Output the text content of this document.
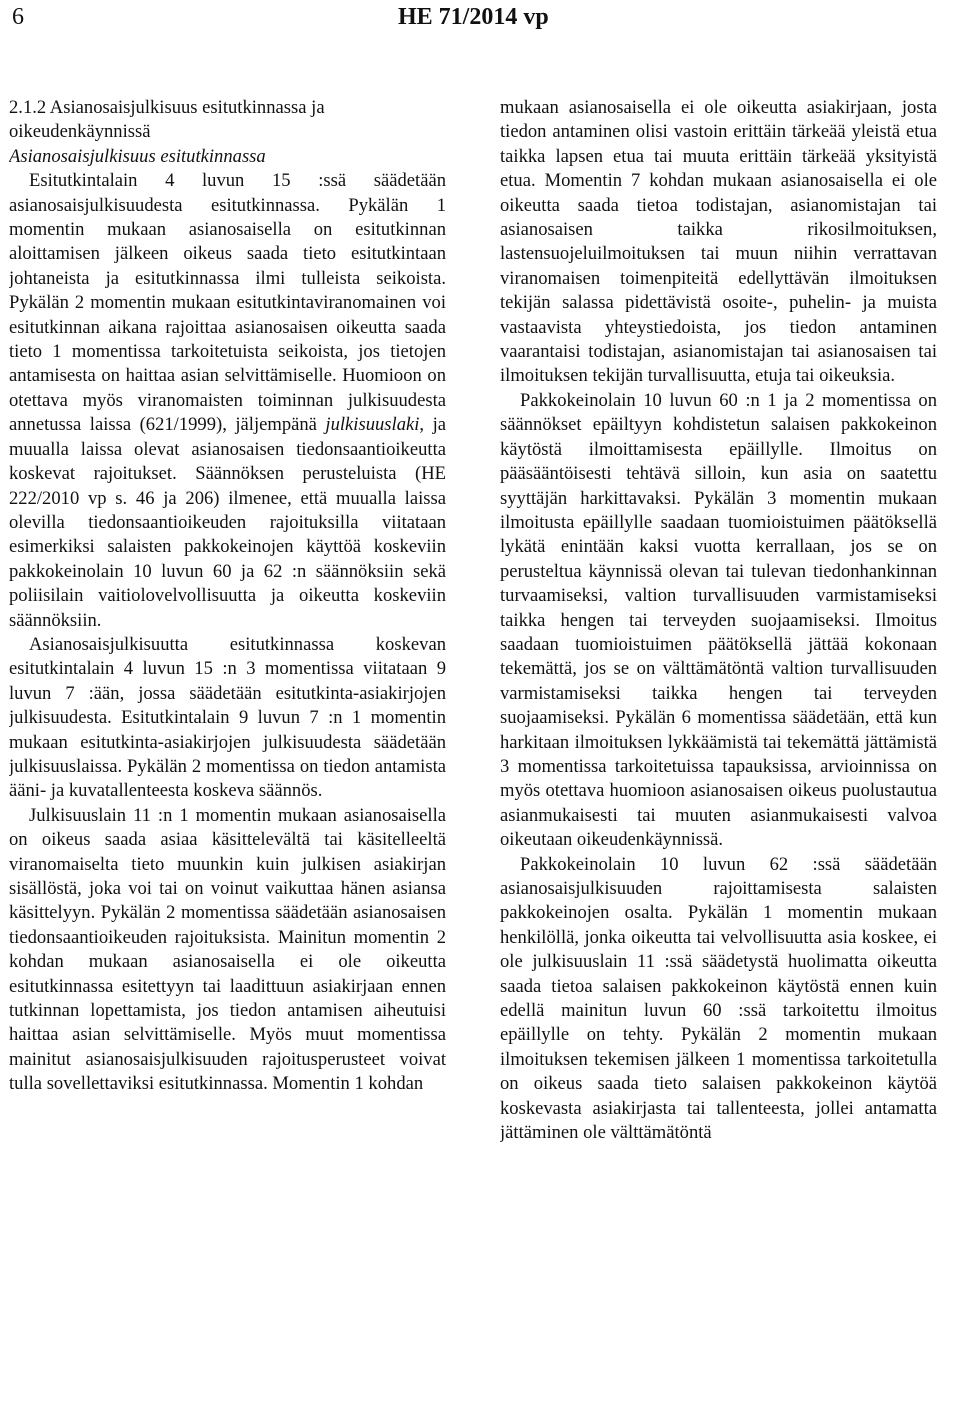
6	HE 71/2014 vp
2.1.2 Asianosaisjulkisuus esitutkinnassa ja oikeudenkäynnissä

Asianosaisjulkisuus esitutkinnassa

Esitutkintalain 4 luvun 15 :ssä säädetään asianosaisjulkisuudesta esitutkinnassa. Pykälän 1 momentin mukaan asianosaisella on esitutkinnan aloittamisen jälkeen oikeus saada tieto esitutkintaan johtaneista ja esitutkinnassa ilmi tulleista seikoista. Pykälän 2 momentin mukaan esitutkintaviranomainen voi esitutkinnan aikana rajoittaa asianosaisen oikeutta saada tieto 1 momentissa tarkoitetuista seikoista, jos tietojen antamisesta on haittaa asian selvittämiselle. Huomioon on otettava myös viranomaisten toiminnan julkisuudesta annetussa laissa (621/1999), jäljempänä julkisuuslaki, ja muualla laissa olevat asianosaisen tiedonsaantioikeutta koskevat rajoitukset. Säännöksen perusteluista (HE 222/2010 vp s. 46 ja 206) ilmenee, että muualla laissa olevilla tiedonsaantioikeuden rajoituksilla viitataan esimerkiksi salaisten pakkokeinojen käyttöä koskeviin pakkokeinolain 10 luvun 60 ja 62 :n säännöksiin sekä poliisilain vaitiolovelvollisuutta ja oikeutta koskeviin säännöksiin.

Asianosaisjulkisuutta esitutkinnassa koskevan esitutkintalain 4 luvun 15 :n 3 momentissa viitataan 9 luvun 7 :ään, jossa säädetään esitutkinta-asiakirjojen julkisuudesta. Esitutkintalain 9 luvun 7 :n 1 momentin mukaan esitutkinta-asiakirjojen julkisuudesta säädetään julkisuuslaissa. Pykälän 2 momentissa on tiedon antamista ääni- ja kuvatallenteesta koskeva säännös.

Julkisuuslain 11 :n 1 momentin mukaan asianosaisella on oikeus saada asiaa käsittelevältä tai käsitelleeltä viranomaiselta tieto muunkin kuin julkisen asiakirjan sisällöstä, joka voi tai on voinut vaikuttaa hänen asiansa käsittelyyn. Pykälän 2 momentissa säädetään asianosaisen tiedonsaantioikeuden rajoituksista. Mainitun momentin 2 kohdan mukaan asianosaisella ei ole oikeutta esitutkinnassa esitettyyn tai laadittuun asiakirjaan ennen tutkinnan lopettamista, jos tiedon antamisen aiheutuisi haittaa asian selvittämiselle. Myös muut momentissa mainitut asianosaisjulkisuuden rajoitusperusteet voivat tulla sovellettaviksi esitutkinnassa. Momentin 1 kohdan

mukaan asianosaisella ei ole oikeutta asiakirjaan, josta tiedon antaminen olisi vastoin erittäin tärkeää yleistä etua taikka lapsen etua tai muuta erittäin tärkeää yksityistä etua. Momentin 7 kohdan mukaan asianosaisella ei ole oikeutta saada tietoa todistajan, asianomistajan tai asianosaisen taikka rikosilmoituksen, lastensuojeluilmoituksen tai muun niihin verrattavan viranomaisen toimenpiteitä edellyttävän ilmoituksen tekijän salassa pidettävistä osoite-, puhelin- ja muista vastaavista yhteystiedoista, jos tiedon antaminen vaarantaisi todistajan, asianomistajan tai asianosaisen tai ilmoituksen tekijän turvallisuutta, etuja tai oikeuksia.

Pakkokeinolain 10 luvun 60 :n 1 ja 2 momentissa on säännökset epäiltyyn kohdistetun salaisen pakkokeinon käytöstä ilmoittamisesta epäillylle. Ilmoitus on pääsääntöisesti tehtävä silloin, kun asia on saatettu syyttäjän harkittavaksi. Pykälän 3 momentin mukaan ilmoitusta epäillylle saadaan tuomioistuimen päätöksellä lykätä enintään kaksi vuotta kerrallaan, jos se on perusteltua käynnissä olevan tai tulevan tiedonhankinnan turvaamiseksi, valtion turvallisuuden varmistamiseksi taikka hengen tai terveyden suojaamiseksi. Ilmoitus saadaan tuomioistuimen päätöksellä jättää kokonaan tekemättä, jos se on välttämätöntä valtion turvallisuuden varmistamiseksi taikka hengen tai terveyden suojaamiseksi. Pykälän 6 momentissa säädetään, että kun harkitaan ilmoituksen lykkäämistä tai tekemättä jättämistä 3 momentissa tarkoitetuissa tapauksissa, arvioinnissa on myös otettava huomioon asianosaisen oikeus puolustautua asianmukaisesti tai muuten asianmukaisesti valvoa oikeutaan oikeudenkäynnissä.

Pakkokeinolain 10 luvun 62 :ssä säädetään asianosaisjulkisuuden rajoittamisesta salaisten pakkokeinojen osalta. Pykälän 1 momentin mukaan henkilöllä, jonka oikeutta tai velvollisuutta asia koskee, ei ole julkisuuslain 11 :ssä säädetystä huolimatta oikeutta saada tietoa salaisen pakkokeinon käytöstä ennen kuin edellä mainitun luvun 60 :ssä tarkoitettu ilmoitus epäillylle on tehty. Pykälän 2 momentin mukaan ilmoituksen tekemisen jälkeen 1 momentissa tarkoitetulla on oikeus saada tieto salaisen pakkokeinon käytöä koskevasta asiakirjasta tai tallenteesta, jollei antamatta jättäminen ole välttämätöntä
